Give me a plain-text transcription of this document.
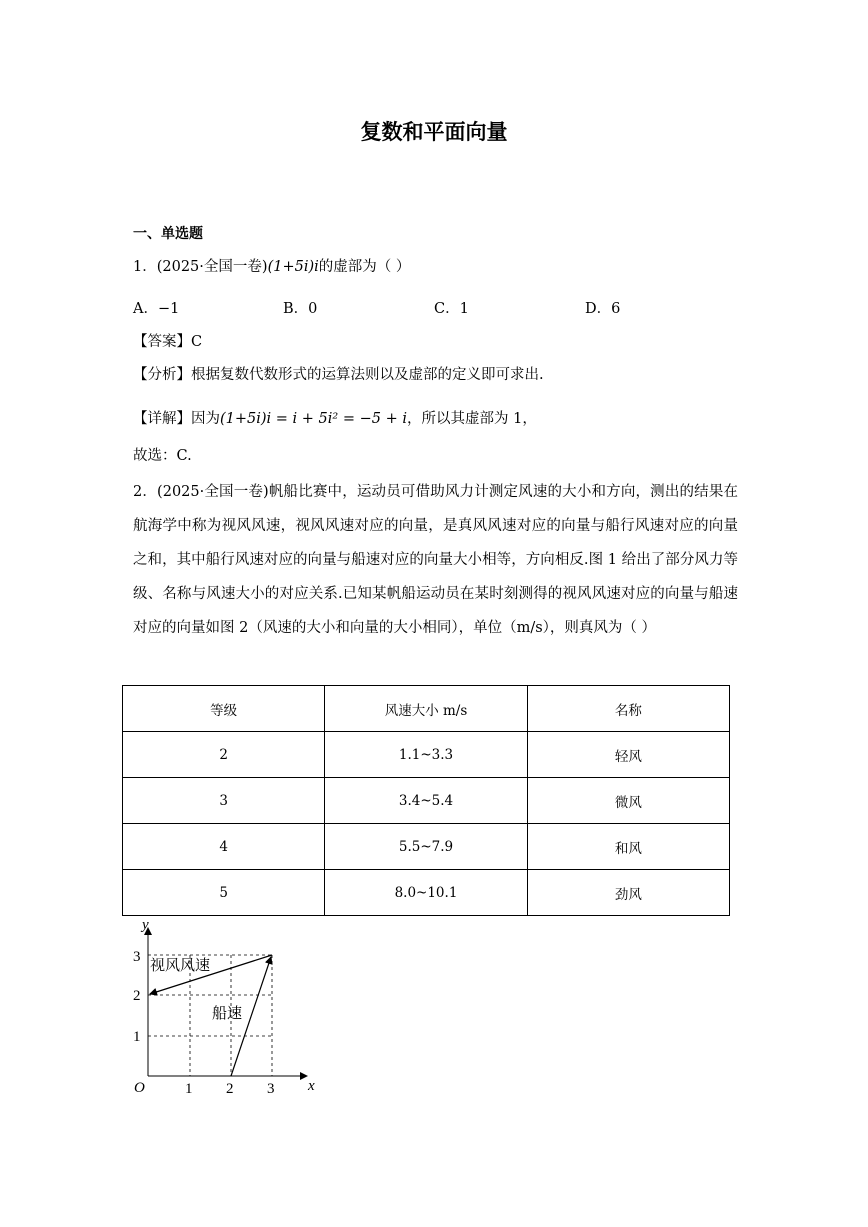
复数和平面向量
一、单选题
1．(2025·全国一卷)(1+5i)i的虚部为（ ）
A．−1	B．0	C．1	D．6
【答案】C
【分析】根据复数代数形式的运算法则以及虚部的定义即可求出.
【详解】因为(1+5i)i = i + 5i² = −5 + i，所以其虚部为 1，
故选：C.
2．(2025·全国一卷)帆船比赛中，运动员可借助风力计测定风速的大小和方向，测出的结果在航海学中称为视风风速，视风风速对应的向量，是真风风速对应的向量与船行风速对应的向量之和，其中船行风速对应的向量与船速对应的向量大小相等，方向相反.图 1 给出了部分风力等级、名称与风速大小的对应关系.已知某帆船运动员在某时刻测得的视风风速对应的向量与船速对应的向量如图 2（风速的大小和向量的大小相同），单位（m/s），则真风为（ ）
等级	风速大小 m/s	名称
2	1.1~3.3	轻风
3	3.4~5.4	微风
4	5.5~7.9	和风
5	8.0~10.1	劲风
y
x
O	1 2 3
1
2
3
视风风速
船速
